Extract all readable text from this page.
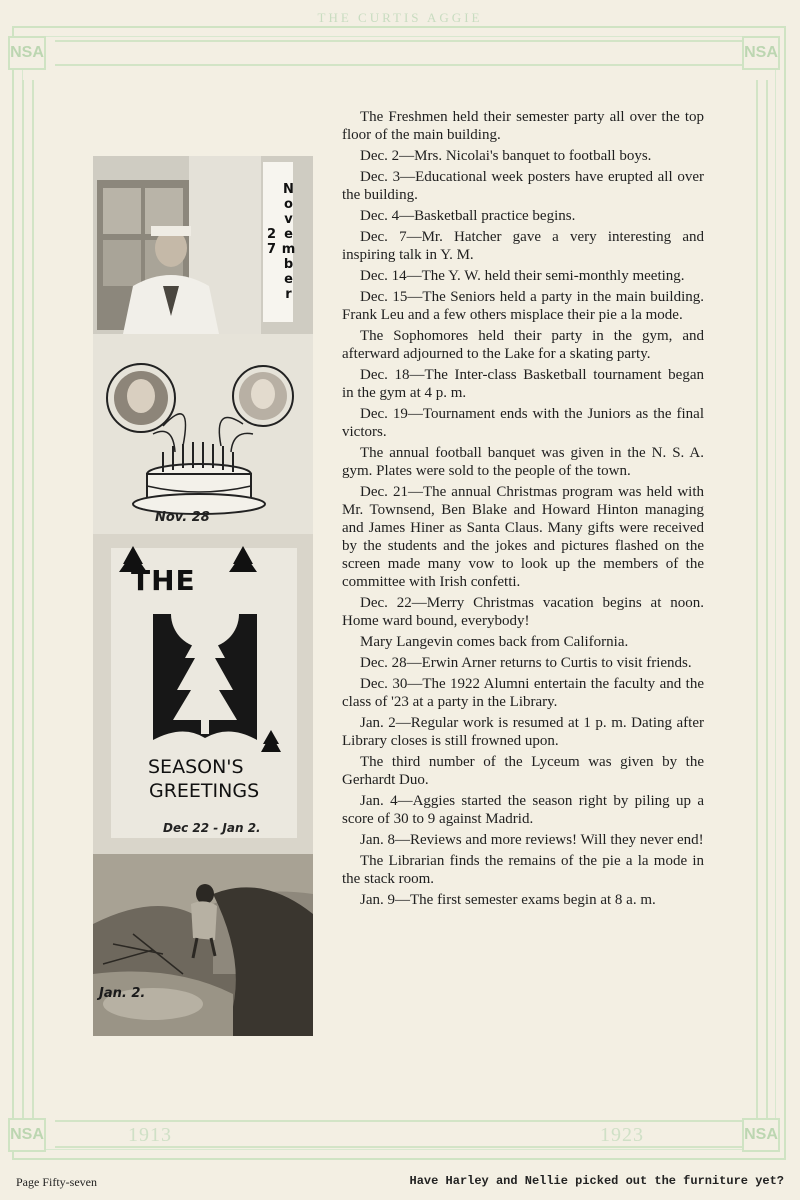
THE CURTIS AGGIE
NSA	NSA
NSA	NSA
1913	1923
November 27
Nov. 28
THE
SEASON'S
GREETINGS
Dec 22 - Jan 2.
Jan. 2.

The Freshmen held their semester party all over the top floor of the main building.

Dec. 2—Mrs. Nicolai's banquet to football boys.

Dec. 3—Educational week posters have erupted all over the building.

Dec. 4—Basketball practice begins.

Dec. 7—Mr. Hatcher gave a very interesting and inspiring talk in Y. M.

Dec. 14—The Y. W. held their semi-monthly meeting.

Dec. 15—The Seniors held a party in the main building. Frank Leu and a few others misplace their pie a la mode.

The Sophomores held their party in the gym, and afterward adjourned to the Lake for a skating party.

Dec. 18—The Inter-class Basketball tournament began in the gym at 4 p. m.

Dec. 19—Tournament ends with the Juniors as the final victors.

The annual football banquet was given in the N. S. A. gym. Plates were sold to the people of the town.

Dec. 21—The annual Christmas program was held with Mr. Townsend, Ben Blake and Howard Hinton managing and James Hiner as Santa Claus. Many gifts were received by the students and the jokes and pictures flashed on the screen made many vow to look up the members of the committee with Irish confetti.

Dec. 22—Merry Christmas vacation begins at noon. Home ward bound, everybody!

Mary Langevin comes back from California.

Dec. 28—Erwin Arner returns to Curtis to visit friends.

Dec. 30—The 1922 Alumni entertain the faculty and the class of '23 at a party in the Library.

Jan. 2—Regular work is resumed at 1 p. m. Dating after Library closes is still frowned upon.

The third number of the Lyceum was given by the Gerhardt Duo.

Jan. 4—Aggies started the season right by piling up a score of 30 to 9 against Madrid.

Jan. 8—Reviews and more reviews! Will they never end!

The Librarian finds the remains of the pie a la mode in the stack room.

Jan. 9—The first semester exams begin at 8 a. m.

Page Fifty-seven	Have Harley and Nellie picked out the furniture yet?
